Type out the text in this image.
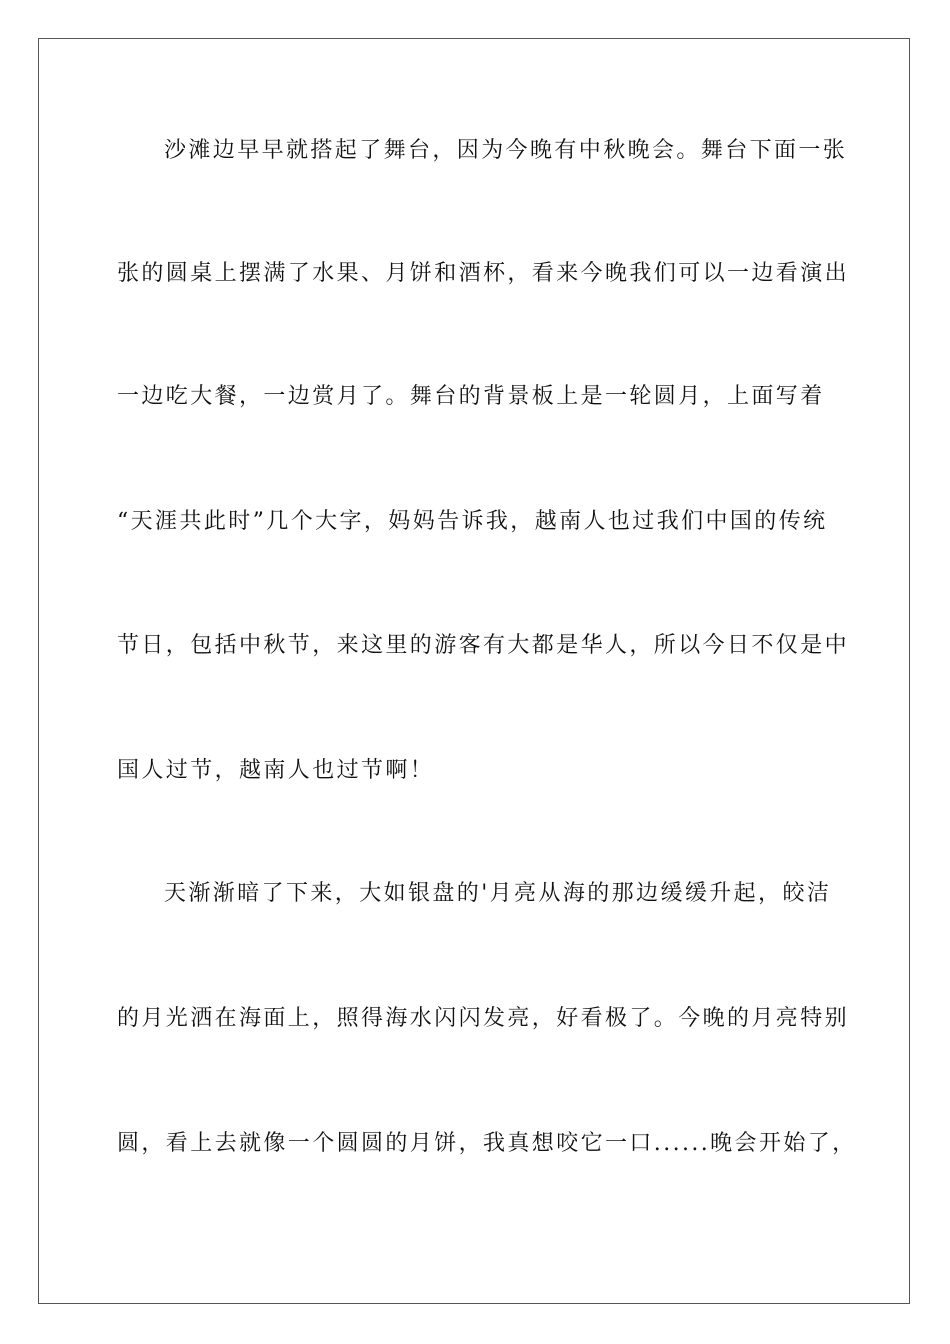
沙滩边早早就搭起了舞台，因为今晚有中秋晚会。舞台下面一张
张的圆桌上摆满了水果、月饼和酒杯，看来今晚我们可以一边看演出
一边吃大餐，一边赏月了。舞台的背景板上是一轮圆月，上面写着
“天涯共此时”几个大字，妈妈告诉我，越南人也过我们中国的传统
节日，包括中秋节，来这里的游客有大都是华人，所以今日不仅是中
国人过节，越南人也过节啊！
天渐渐暗了下来，大如银盘的'月亮从海的那边缓缓升起，皎洁
的月光洒在海面上，照得海水闪闪发亮，好看极了。今晚的月亮特别
圆，看上去就像一个圆圆的月饼，我真想咬它一口......晚会开始了，
